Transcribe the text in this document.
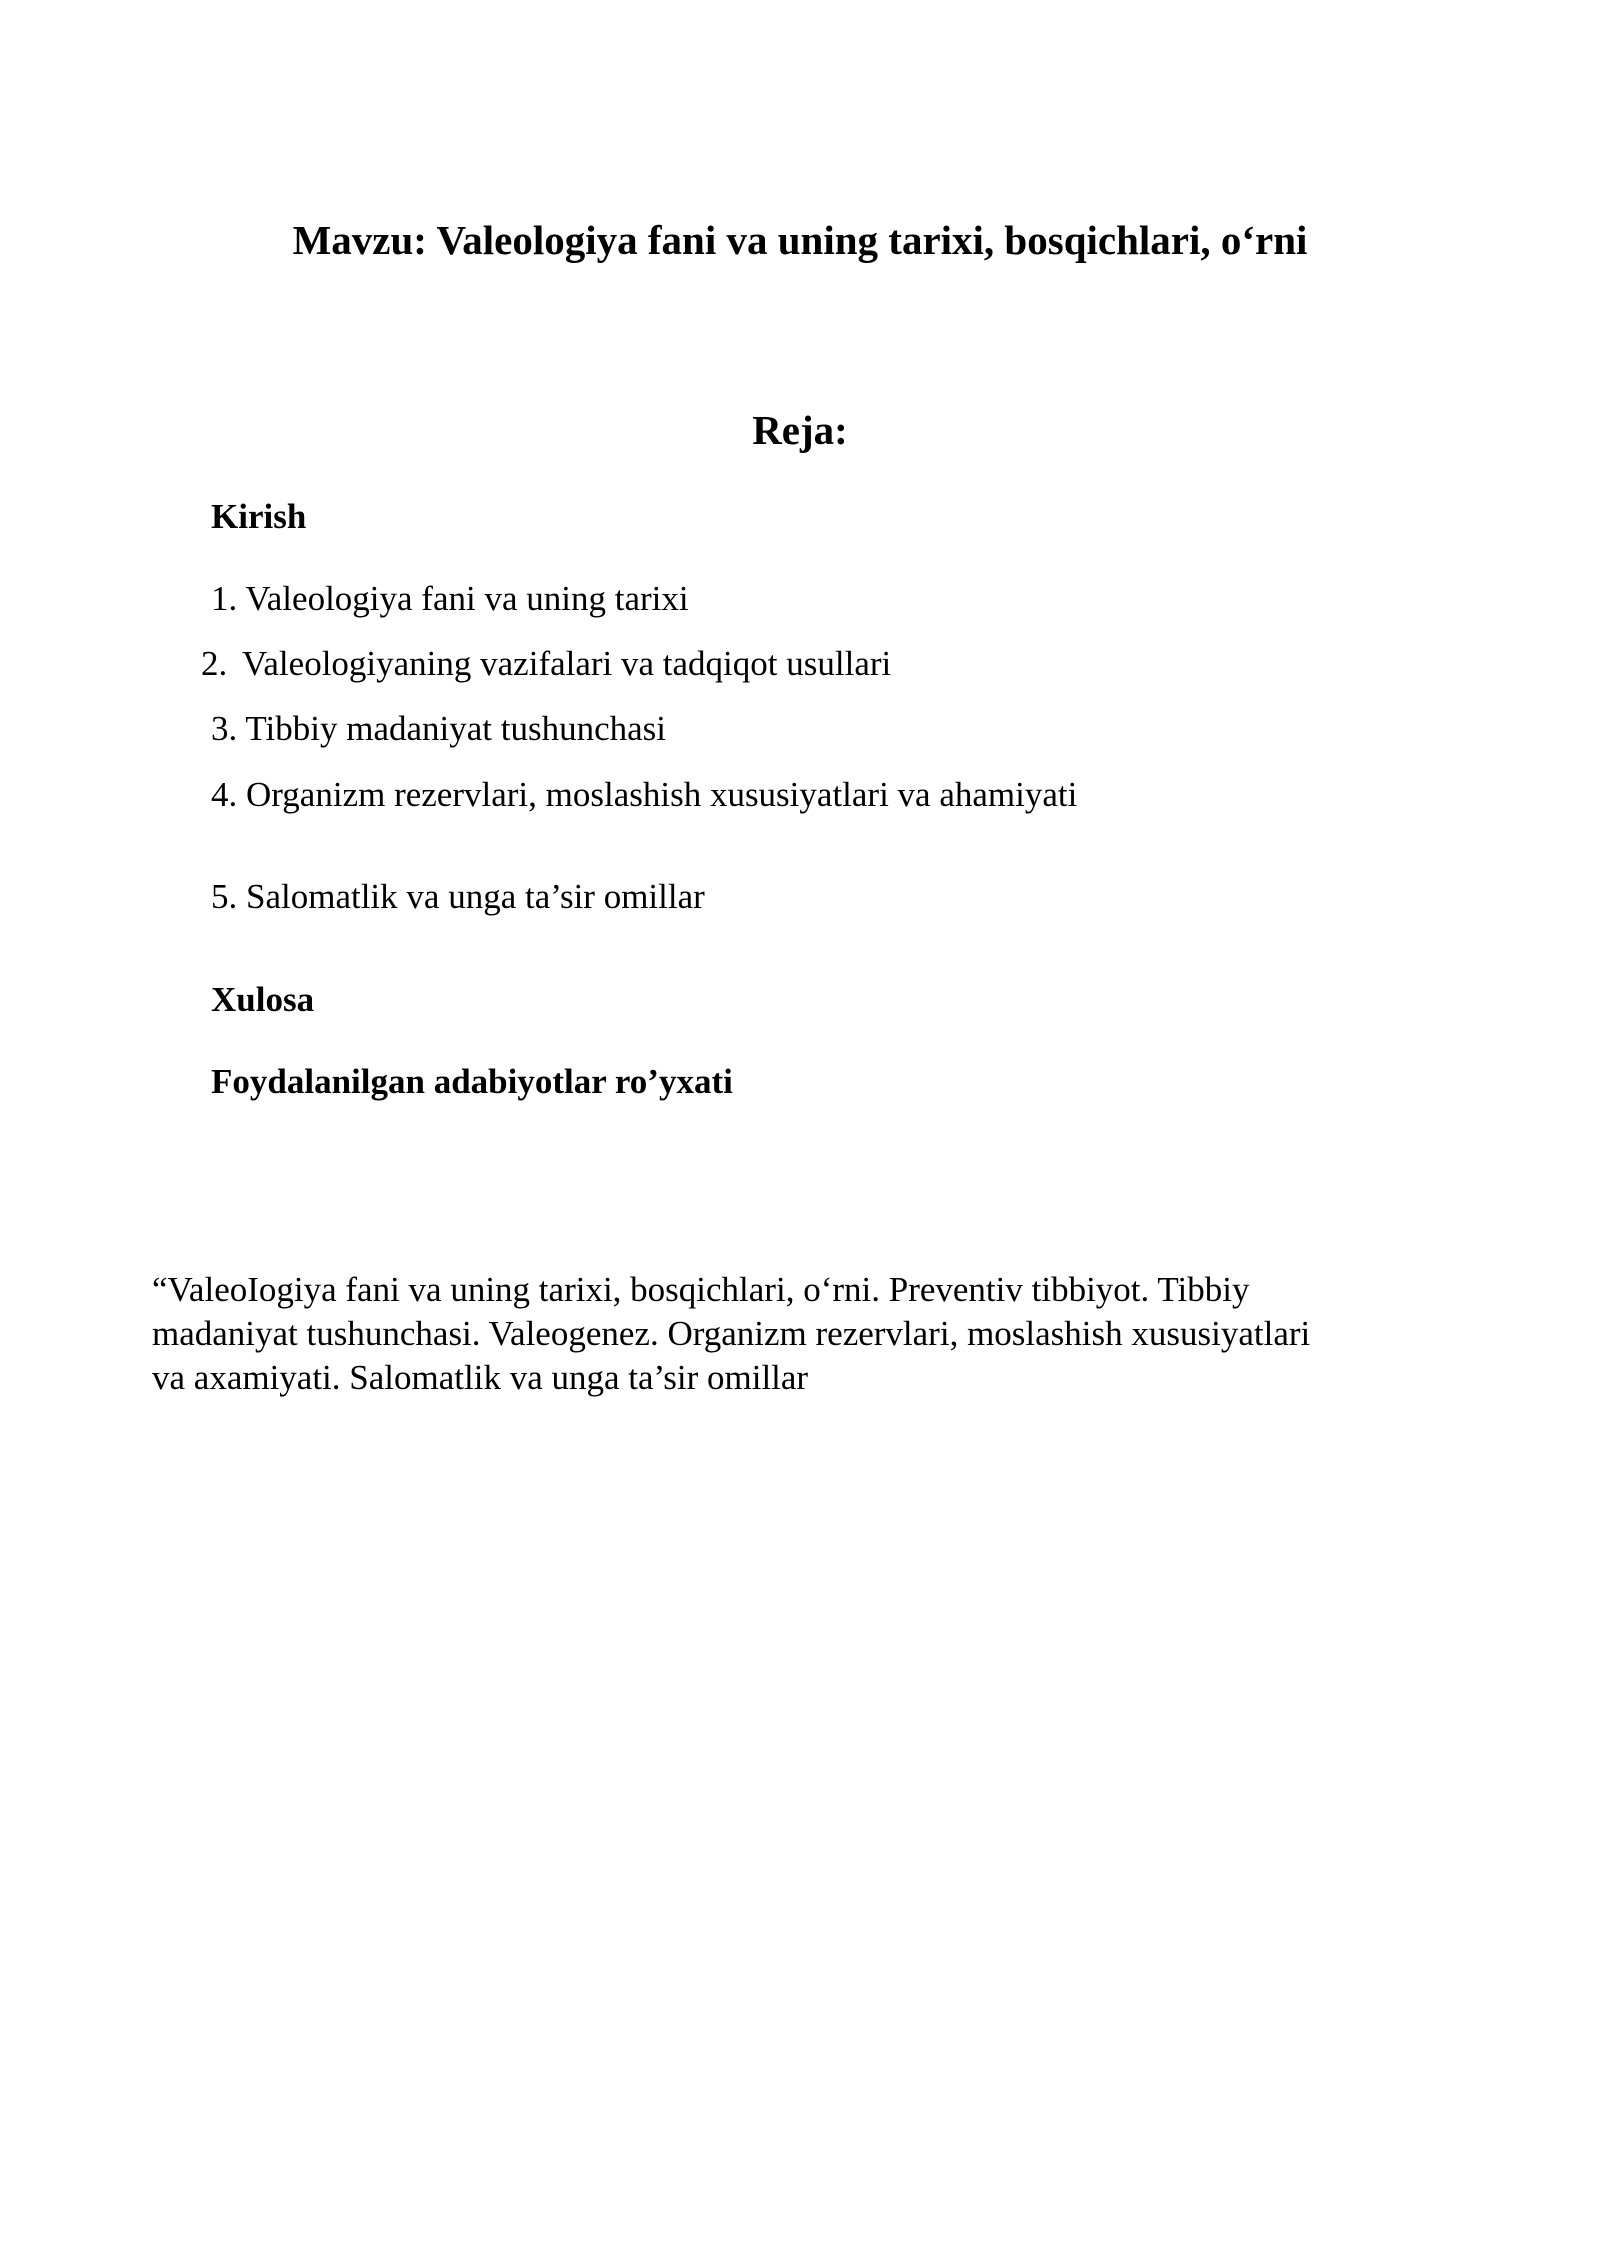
Mavzu: Valeologiya fani va uning tarixi, bosqichlari, o‘rni
Reja:

Kirish

1. Valeologiya fani va uning tarixi

2. Valeologiyaning vazifalari va tadqiqot usullari

3. Tibbiy madaniyat tushunchasi

4. Organizm rezervlari, moslashish xususiyatlari va ahamiyati

5. Salomatlik va unga ta’sir omillar

Xulosa

Foydalanilgan adabiyotlar ro’yxati

“ValeoIogiya fani va uning tarixi, bosqichlari, o‘rni. Preventiv tibbiyot. Tibbiy
madaniyat tushunchasi. Valeogenez. Organizm rezervlari, moslashish xususiyatlari
va axamiyati. Salomatlik va unga ta’sir omillar
